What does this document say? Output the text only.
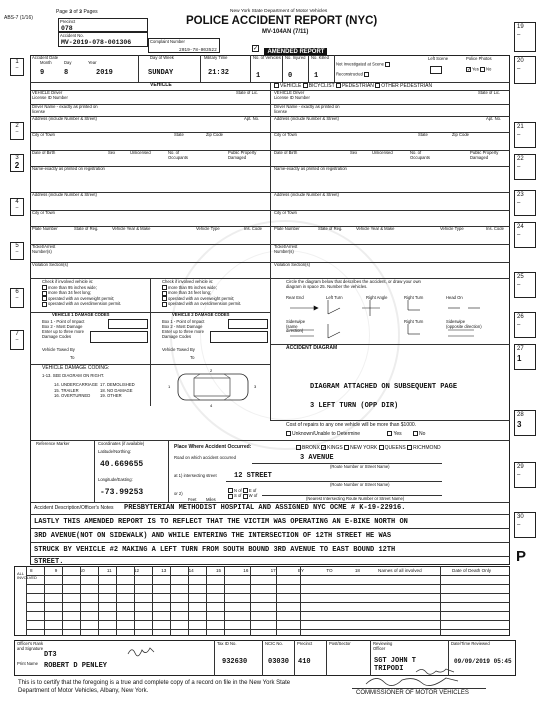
ABS-7 (1/16)
Page 3 of 3 Pages
Precinct
078
Accident No.
MV-2019-078-001306	Complaint Number
2019-78-003522
New York State Department of Motor Vehicles
POLICE ACCIDENT REPORT (NYC)
MV-104AN (7/11)
✓ AMENDED REPORT
19
–
20
–
21
–
22
–
23
–
24
–
25
–
26
–
27
1
28
3
29
–
30
–
P
1
–
2
–
3
2
4
–
5
–
6
–
7
–
Accident Date
Month	Day	Year
9	8	2019
Day of Week
SUNDAY
Military Time
21:32
No. of Vehicles
1
No. Injured
0
No. Killed
1
Not Investigated at Scene
Reconstructed
Left Scene	Police Photos
✓Yes No
VEHICLE	VEHICLE BICYCLIST PEDESTRIAN OTHER PEDESTRIAN
VEHICLE Driver
License ID Number
State of Lic.
Driver Name - exactly as printed on license
Address (include Number & Street)	Apt. No.
City or Town	State	Zip Code
Date of Birth	Sex	Unlicensed	No. of Occupants
Public Property Damaged
Name-exactly as printed on registration
Address (include Number & Street)
City or Town
Plate Number	State of Reg.	Vehicle Year & Make	Vehicle Type	Ins. Code
Ticket/Arrest Number(s)
Violation Section(s)
VEHICLE Driver
License ID Number
State of Lic.
Driver Name - exactly as printed on license
Address (include Number & Street)	Apt. No.
City or Town	State	Zip Code
Date of Birth	Sex	Unlicensed	No. of Occupants
Public Property Damaged
Name-exactly as printed on registration
Address (include Number & Street)
City or Town
Plate Number	State of Reg.	Vehicle Year & Make	Vehicle Type	Ins. Code
Ticket/Arrest Number(s)
Violation Section(s)
Check if involved vehicle is:
more than 95 inches wide;
more than 34 feet long;
operated with an overweight permit;
operated with an overdimension permit.
Check if involved vehicle is:
more than 95 inches wide;
more than 34 feet long;
operated with an overweight permit;
operated with an overdimension permit.
VEHICLE 1 DAMAGE CODES	VEHICLE 2 DAMAGE CODES
Box 1 - Point of Impact
Box 2 - Most Damage
Box 1 - Point of Impact
Box 2 - Most Damage
Enter up to three more Damage Codes
Enter up to three more Damage Codes
Vehicle Towed	Vehicle Towed
By	By
To	To
VEHICLE DAMAGE CODING:
1-13. SEE DIAGRAM ON RIGHT.
14. UNDERCARRIAGE
15. TRAILER
16. OVERTURNED
17. DEMOLISHED
18. NO DAMAGE
19. OTHER
1
2
3
4
Circle the diagram below that describes the accident, or draw your own diagram in space 25. Number the vehicles.
Rear End	Left Turn	Right Angle	Right Turn	Head On
Sideswipe (same direction)
Right Turn	Sideswipe (opposite direction)
ACCIDENT DIAGRAM
DIAGRAM ATTACHED ON SUBSEQUENT PAGE
3 LEFT TURN (OPP DIR)
Cost of repairs to any one vehicle will be more than $1000.
Unknown/Unable to Determine	Yes	No
Reference Marker	Coordinates (if available)
Latitude/Northing:
40.669655
Longitude/Easting:
-73.99253
Place Where Accident Occurred:	BRONX ✓KINGS NEW YORK QUEENS RICHMOND
Road on which accident occurred	3 AVENUE
(Route Number or Street Name)
at 1) intersecting street 12 STREET
(Route Number or Street Name)
or 2)
N of E of
S of W of
Feet Miles	(Nearest Intersecting Route Number or Street Name)
Accident Description/Officer's Notes PRESBYTERIAN METHODIST HOSPITAL AND ASSIGNED NYC OCME # K-19-22916.
LASTLY THIS AMENDED REPORT IS TO REFLECT THAT THE VICTIM WAS OPERATING AN E-BIKE NORTH ON
3RD AVENUE(NOT ON SIDEWALK) AND WHILE ENTERING THE INTERSECTION OF 12TH STREET HE WAS
STRUCK BY VEHICLE #2 MAKING A LEFT TURN FROM SOUTH BOUND 3RD AVENUE TO EAST BOUND 12TH
STREET.
ALL INVOLVED
8	9	10	11	12	13	14	15	16	17	BY	TO	18	Names of all involved	Date of Death Only
Officer's Rank and Signature
DT3
Print Name ROBERT D PENLEY
Tax ID No.
932630
NCIC No.
03030
Precinct
410
Post/Sector	Reviewing Officer
SGT JOHN T TRIPODI
Date/Time Reviewed
09/09/2019 05:45
This is to certify that the foregoing is a true and complete copy of a record on file in the New York State Department of Motor Vehicles, Albany, New York.	COMMISSIONER OF MOTOR VEHICLES
